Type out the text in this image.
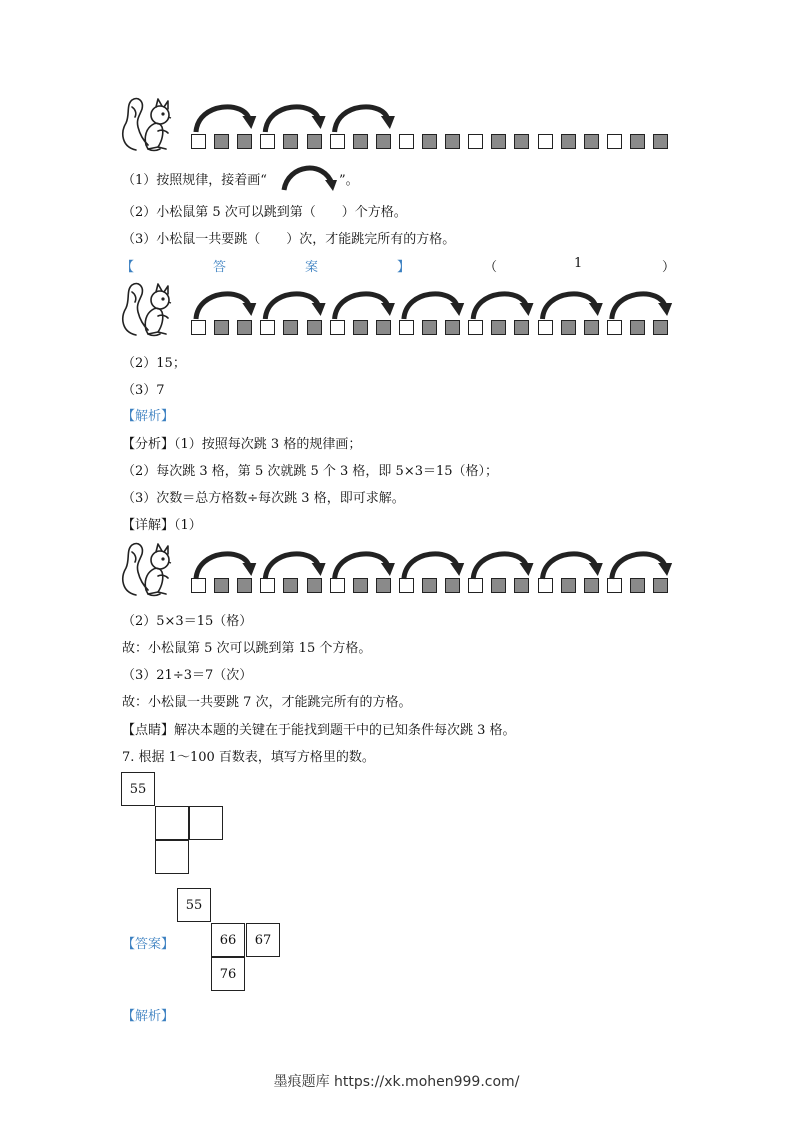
（1）按照规律，接着画“	”。
（2）小松鼠第 5 次可以跳到第（　　）个方格。
（3）小松鼠一共要跳（　　）次，才能跳完所有的方格。
【	答	案	】	（	1	）
（2）15；
（3）7
【解析】
【分析】（1）按照每次跳 3 格的规律画；
（2）每次跳 3 格，第 5 次就跳 5 个 3 格，即 5×3＝15（格）；
（3）次数＝总方格数÷每次跳 3 格，即可求解。
【详解】（1）
（2）5×3＝15（格）
故：小松鼠第 5 次可以跳到第 15 个方格。
（3）21÷3＝7（次）
故：小松鼠一共要跳 7 次，才能跳完所有的方格。
【点睛】解决本题的关键在于能找到题干中的已知条件每次跳 3 格。
7. 根据 1～100 百数表，填写方格里的数。
55
55
【答案】	66	67
76
【解析】
墨痕题库 https://xk.mohen999.com/
